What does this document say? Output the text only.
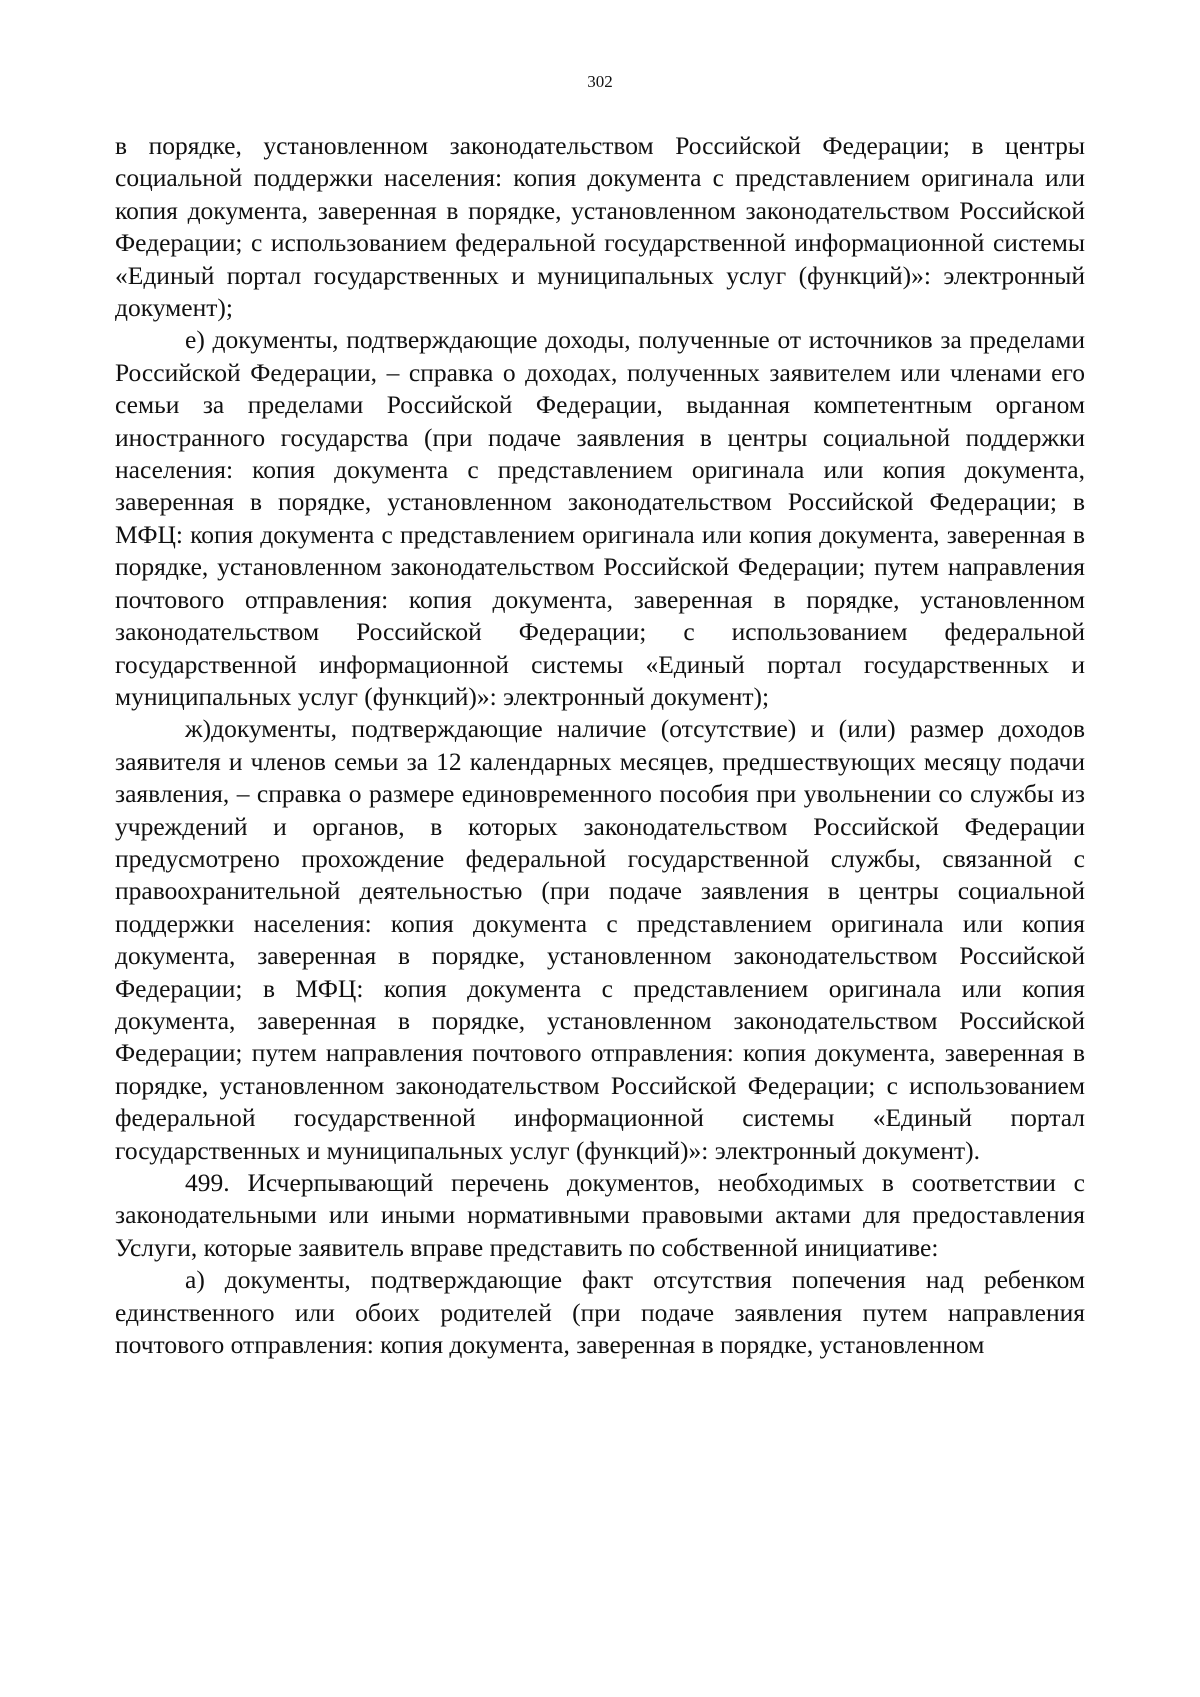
302

в порядке, установленном законодательством Российской Федерации; в центры социальной поддержки населения: копия документа с представлением оригинала или копия документа, заверенная в порядке, установленном законодательством Российской Федерации; с использованием федеральной государственной информационной системы «Единый портал государственных и муниципальных услуг (функций)»: электронный документ);

е) документы, подтверждающие доходы, полученные от источников за пределами Российской Федерации, – справка о доходах, полученных заявителем или членами его семьи за пределами Российской Федерации, выданная компетентным органом иностранного государства (при подаче заявления в центры социальной поддержки населения: копия документа с представлением оригинала или копия документа, заверенная в порядке, установленном законодательством Российской Федерации; в МФЦ: копия документа с представлением оригинала или копия документа, заверенная в порядке, установленном законодательством Российской Федерации; путем направления почтового отправления: копия документа, заверенная в порядке, установленном законодательством Российской Федерации; с использованием федеральной государственной информационной системы «Единый портал государственных и муниципальных услуг (функций)»: электронный документ);

ж)документы, подтверждающие наличие (отсутствие) и (или) размер доходов заявителя и членов семьи за 12 календарных месяцев, предшествующих месяцу подачи заявления, – справка о размере единовременного пособия при увольнении со службы из учреждений и органов, в которых законодательством Российской Федерации предусмотрено прохождение федеральной государственной службы, связанной с правоохранительной деятельностью (при подаче заявления в центры социальной поддержки населения: копия документа с представлением оригинала или копия документа, заверенная в порядке, установленном законодательством Российской Федерации; в МФЦ: копия документа с представлением оригинала или копия документа, заверенная в порядке, установленном законодательством Российской Федерации; путем направления почтового отправления: копия документа, заверенная в порядке, установленном законодательством Российской Федерации; с использованием федеральной государственной информационной системы «Единый портал государственных и муниципальных услуг (функций)»: электронный документ).

499. Исчерпывающий перечень документов, необходимых в соответствии с законодательными или иными нормативными правовыми актами для предоставления Услуги, которые заявитель вправе представить по собственной инициативе:

а) документы, подтверждающие факт отсутствия попечения над ребенком единственного или обоих родителей (при подаче заявления путем направления почтового отправления: копия документа, заверенная в порядке, установленном
